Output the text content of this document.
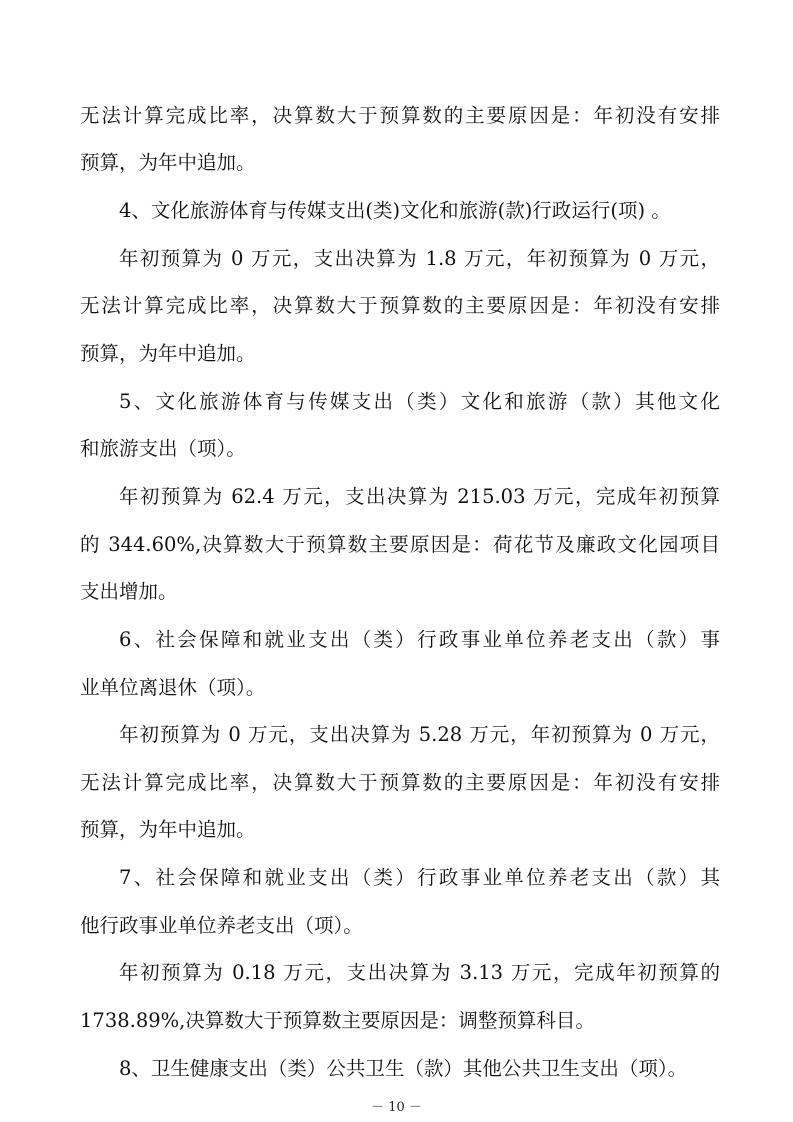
无法计算完成比率，决算数大于预算数的主要原因是：年初没有安排
预算，为年中追加。
4、文化旅游体育与传媒支出(类)文化和旅游(款)行政运行(项) 。
年初预算为 0 万元，支出决算为 1.8 万元，年初预算为 0 万元，
无法计算完成比率，决算数大于预算数的主要原因是：年初没有安排
预算，为年中追加。
5、文化旅游体育与传媒支出（类）文化和旅游（款）其他文化
和旅游支出（项）。
年初预算为 62.4 万元，支出决算为 215.03 万元，完成年初预算
的 344.60%,决算数大于预算数主要原因是：荷花节及廉政文化园项目
支出增加。
6、社会保障和就业支出（类）行政事业单位养老支出（款）事
业单位离退休（项）。
年初预算为 0 万元，支出决算为 5.28 万元，年初预算为 0 万元，
无法计算完成比率，决算数大于预算数的主要原因是：年初没有安排
预算，为年中追加。
7、社会保障和就业支出（类）行政事业单位养老支出（款）其
他行政事业单位养老支出（项）。
年初预算为 0.18 万元，支出决算为 3.13 万元，完成年初预算的
1738.89%,决算数大于预算数主要原因是：调整预算科目。
8、卫生健康支出（类）公共卫生（款）其他公共卫生支出（项）。
－ 10 －
